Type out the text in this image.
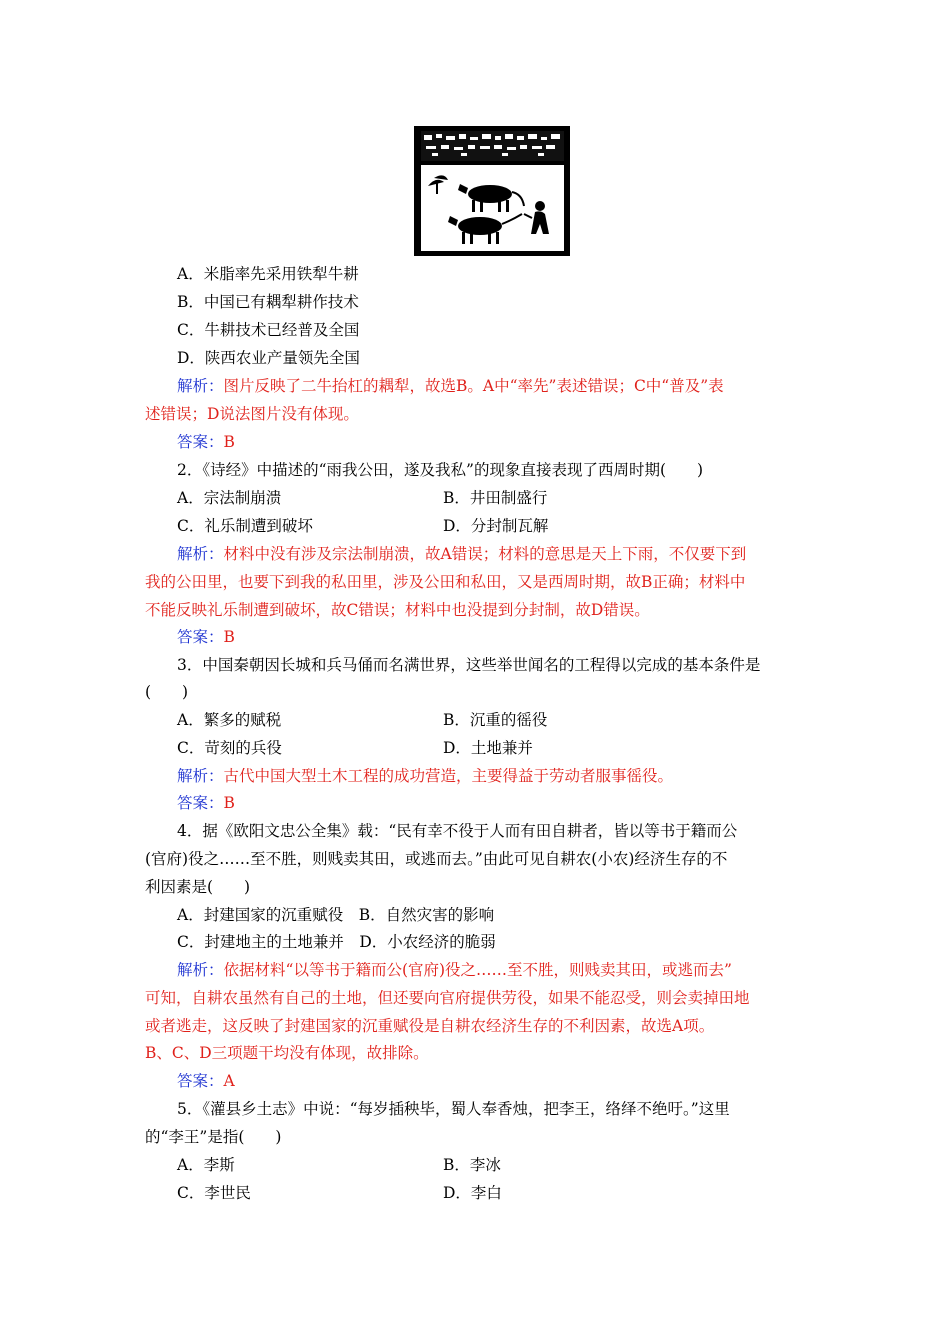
A．米脂率先采用铁犁牛耕
B．中国已有耦犁耕作技术
C．牛耕技术已经普及全国
D．陕西农业产量领先全国
解析：图片反映了二牛抬杠的耦犁，故选B。A中“率先”表述错误；C中“普及”表
述错误；D说法图片没有体现。
答案：B
2．《诗经》中描述的“雨我公田，遂及我私”的现象直接表现了西周时期(　　)
A．宗法制崩溃	B．井田制盛行
C．礼乐制遭到破坏	D．分封制瓦解
解析：材料中没有涉及宗法制崩溃，故A错误；材料的意思是天上下雨，不仅要下到
我的公田里，也要下到我的私田里，涉及公田和私田，又是西周时期，故B正确；材料中
不能反映礼乐制遭到破坏，故C错误；材料中也没提到分封制，故D错误。
答案：B
3．中国秦朝因长城和兵马俑而名满世界，这些举世闻名的工程得以完成的基本条件是
(　　)
A．繁多的赋税	B．沉重的徭役
C．苛刻的兵役	D．土地兼并
解析：古代中国大型土木工程的成功营造，主要得益于劳动者服事徭役。
答案：B
4．据《欧阳文忠公全集》载：“民有幸不役于人而有田自耕者，皆以等书于籍而公
(官府)役之……至不胜，则贱卖其田，或逃而去。”由此可见自耕农(小农)经济生存的不
利因素是(　　)
A．封建国家的沉重赋役　B．自然灾害的影响
C．封建地主的土地兼并　D．小农经济的脆弱
解析：依据材料“以等书于籍而公(官府)役之……至不胜，则贱卖其田，或逃而去”
可知，自耕农虽然有自己的土地，但还要向官府提供劳役，如果不能忍受，则会卖掉田地
或者逃走，这反映了封建国家的沉重赋役是自耕农经济生存的不利因素，故选A项。
B、C、D三项题干均没有体现，故排除。
答案：A
5．《灌县乡土志》中说：“每岁插秧毕，蜀人奉香烛，把李王，络绎不绝吁。”这里
的“李王”是指(　　)
A．李斯	B．李冰
C．李世民	D．李白
